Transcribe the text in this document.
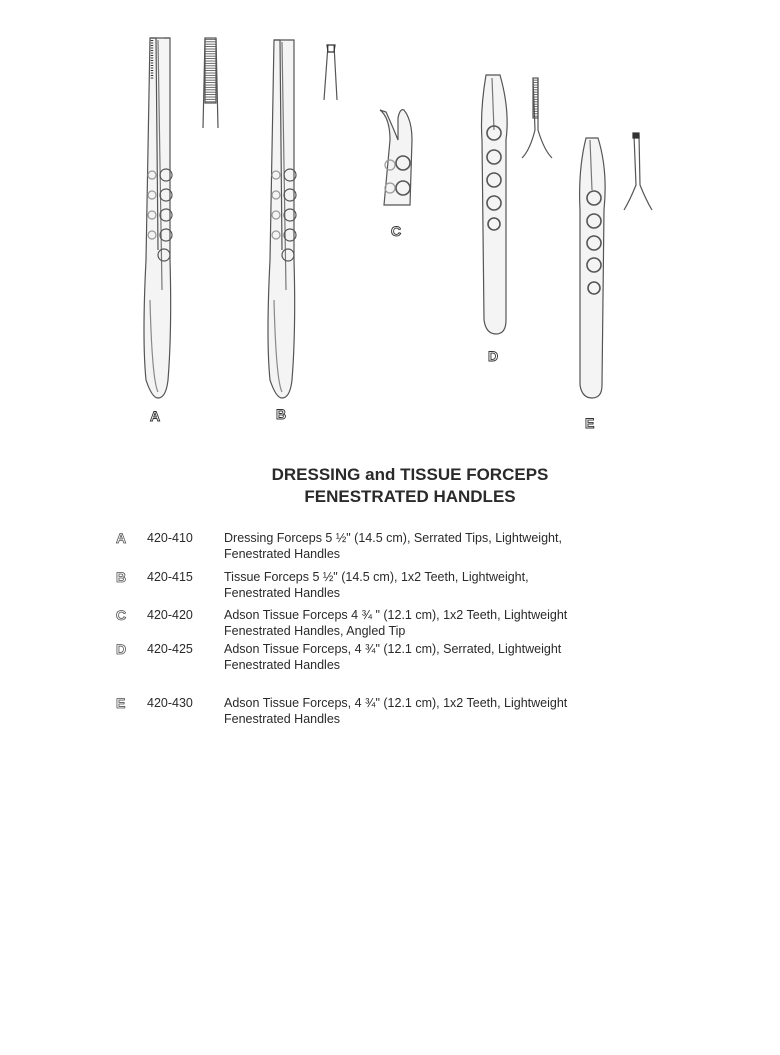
A	B
C
D
E
DRESSING and TISSUE FORCEPS
FENESTRATED HANDLES
A 420-410 Dressing Forceps 5 ½" (14.5 cm), Serrated Tips, Lightweight,
Fenestrated Handles
B 420-415 Tissue Forceps 5 ½" (14.5 cm), 1x2 Teeth, Lightweight,
Fenestrated Handles
C 420-420 Adson Tissue Forceps 4 ¾ " (12.1 cm), 1x2 Teeth, Lightweight
Fenestrated Handles, Angled Tip
D 420-425 Adson Tissue Forceps, 4 ¾" (12.1 cm), Serrated, Lightweight
Fenestrated Handles
E 420-430 Adson Tissue Forceps, 4 ¾" (12.1 cm), 1x2 Teeth, Lightweight
Fenestrated Handles
